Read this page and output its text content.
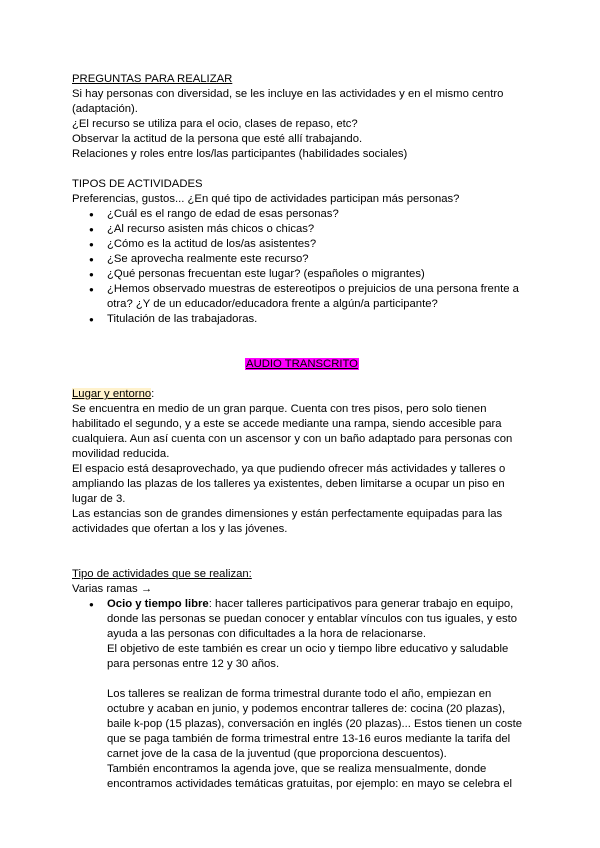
PREGUNTAS PARA REALIZAR

Si hay personas con diversidad, se les incluye en las actividades y en el mismo centro (adaptación).

¿El recurso se utiliza para el ocio, clases de repaso, etc?

Observar la actitud de la persona que esté allí trabajando.

Relaciones y roles entre los/las participantes (habilidades sociales)

TIPOS DE ACTIVIDADES

Preferencias, gustos... ¿En qué tipo de actividades participan más personas?

● ¿Cuál es el rango de edad de esas personas?
● ¿Al recurso asisten más chicos o chicas?
● ¿Cómo es la actitud de los/as asistentes?
● ¿Se aprovecha realmente este recurso?
● ¿Qué personas frecuentan este lugar? (españoles o migrantes)
● ¿Hemos observado muestras de estereotipos o prejuicios de una persona frente a otra? ¿Y de un educador/educadora frente a algún/a participante?
● Titulación de las trabajadoras.

AUDIO TRANSCRITO

Lugar y entorno:

Se encuentra en medio de un gran parque. Cuenta con tres pisos, pero solo tienen habilitado el segundo, y a este se accede mediante una rampa, siendo accesible para cualquiera. Aun así cuenta con un ascensor y con un baño adaptado para personas con movilidad reducida.

El espacio está desaprovechado, ya que pudiendo ofrecer más actividades y talleres o ampliando las plazas de los talleres ya existentes, deben limitarse a ocupar un piso en lugar de 3.

Las estancias son de grandes dimensiones y están perfectamente equipadas para las actividades que ofertan a los y las jóvenes.

Tipo de actividades que se realizan:

Varias ramas →

● Ocio y tiempo libre: hacer talleres participativos para generar trabajo en equipo, donde las personas se puedan conocer y entablar vínculos con tus iguales, y esto ayuda a las personas con dificultades a la hora de relacionarse.

El objetivo de este también es crear un ocio y tiempo libre educativo y saludable para personas entre 12 y 30 años.

Los talleres se realizan de forma trimestral durante todo el año, empiezan en octubre y acaban en junio, y podemos encontrar talleres de: cocina (20 plazas), baile k-pop (15 plazas), conversación en inglés (20 plazas)... Estos tienen un coste que se paga también de forma trimestral entre 13-16 euros mediante la tarifa del carnet jove de la casa de la juventud (que proporciona descuentos).

También encontramos la agenda jove, que se realiza mensualmente, donde encontramos actividades temáticas gratuitas, por ejemplo: en mayo se celebra el
